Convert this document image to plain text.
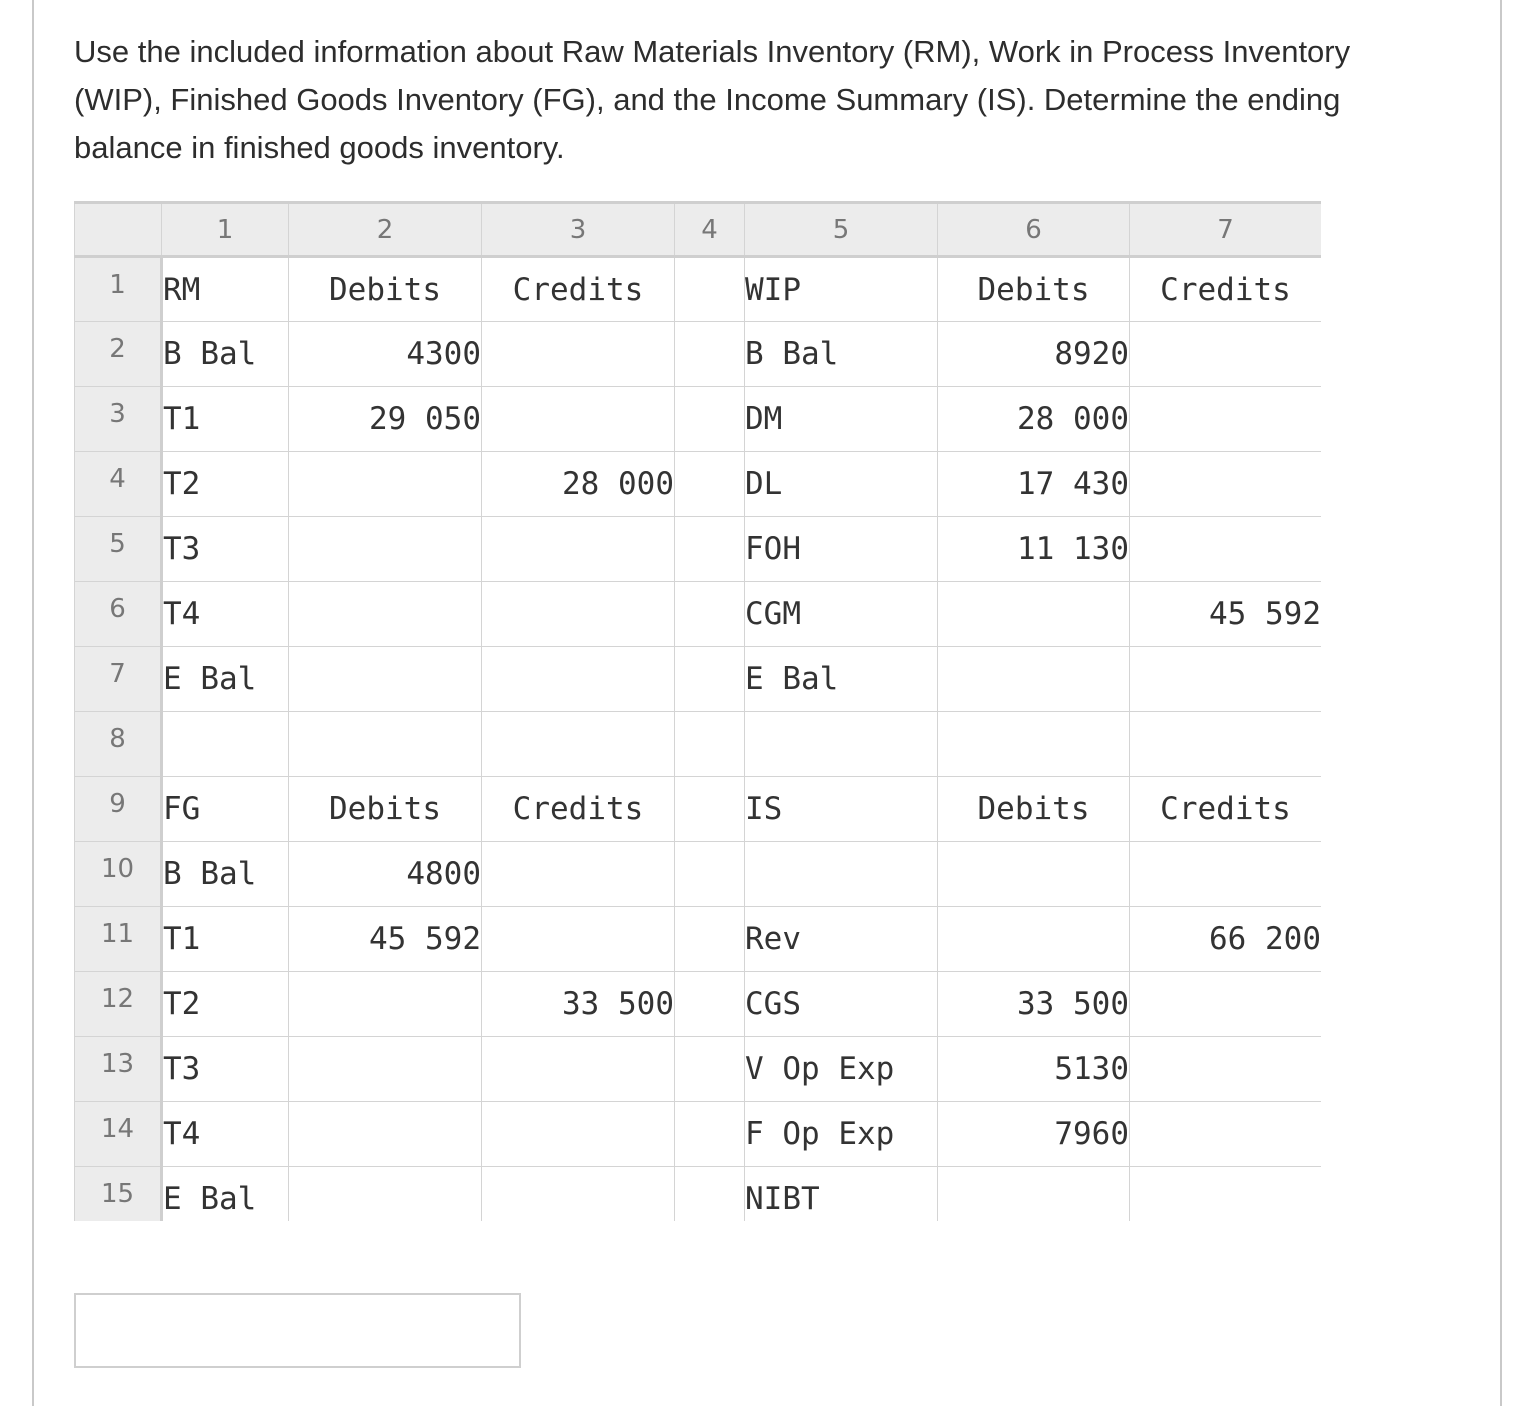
Use the included information about Raw Materials Inventory (RM), Work in Process Inventory (WIP), Finished Goods Inventory (FG), and the Income Summary (IS). Determine the ending balance in finished goods inventory.

	1	2	3	4	5	6	7
1	RM	Debits	Credits		WIP	Debits	Credits
2	B Bal	4300			B Bal	8920	
3	T1	29 050			DM	28 000	
4	T2		28 000		DL	17 430	
5	T3				FOH	11 130	
6	T4				CGM		45 592
7	E Bal				E Bal		
8							
9	FG	Debits	Credits		IS	Debits	Credits
10	B Bal	4800					
11	T1	45 592			Rev		66 200
12	T2		33 500		CGS	33 500	
13	T3				V Op Exp	5130	
14	T4				F Op Exp	7960	
15	E Bal				NIBT		
